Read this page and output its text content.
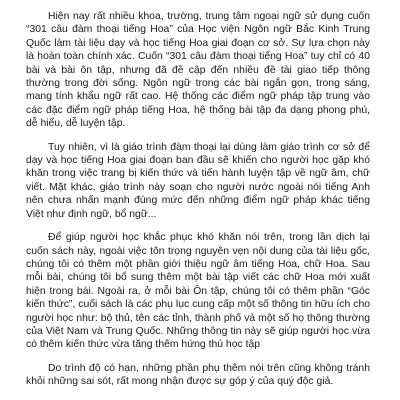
Hiện nay rất nhiều khoa, trường, trung tâm ngoại ngữ sử dụng cuốn “301 câu đàm thoại tiếng Hoa” của Học viện Ngôn ngữ Bắc Kinh Trung Quốc làm tài liệu dạy và học tiếng Hoa giai đoạn cơ sở. Sự lựa chọn này là hoàn toàn chính xác. Cuốn “301 câu đàm thoại tiếng Hoa” tuy chỉ có 40 bài và bài ôn tập, nhưng đã đề cập đến nhiều đề tài giao tiếp thông thường trong đời sống. Ngôn ngữ trong các bài ngắn gọn, trong sáng, mang tính khẩu ngữ rất cao. Hệ thống các điểm ngữ pháp tập trung vào các đặc điểm ngữ pháp tiếng Hoa, hệ thống bài tập đa dạng phong phú, dễ hiểu, dễ luyện tập.

Tuy nhiên, vì là giáo trình đàm thoại lại dùng làm giáo trình cơ sở để dạy và học tiếng Hoa giai đoạn ban đầu sẽ khiến cho người học gặp khó khăn trong việc trang bị kiến thức và tiến hành luyện tập về ngữ âm, chữ viết. Mặt khác, giáo trình này soạn cho người nước ngoài nói tiếng Anh nên chưa nhấn mạnh đúng mức đến những điểm ngữ pháp khác tiếng Việt như định ngữ, bổ ngữ...

Để giúp người học khắc phục khó khăn nói trên, trong lần dịch lại cuốn sách này, ngoài việc tôn trọng nguyên vẹn nội dung của tài liệu gốc, chúng tôi có thêm một phần giới thiệu ngữ âm tiếng Hoa, chữ Hoa. Sau mỗi bài, chúng tôi bổ sung thêm một bài tập viết các chữ Hoa mới xuất hiện trong bài. Ngoài ra, ở mỗi bài Ôn tập, chúng tôi có thêm phần “Góc kiến thức”, cuối sách là các phụ lục cung cấp một số thông tin hữu ích cho người học như: bộ thủ, tên các tỉnh, thành phố và một số họ thông thường của Việt Nam và Trung Quốc. Những thông tin này sẽ giúp người học vừa có thêm kiến thức vừa tăng thêm hứng thú học tập

Do trình độ có hạn, những phần phụ thêm nói trên cũng không tránh khỏi những sai sót, rất mong nhận được sự góp ý của quý độc giả.
